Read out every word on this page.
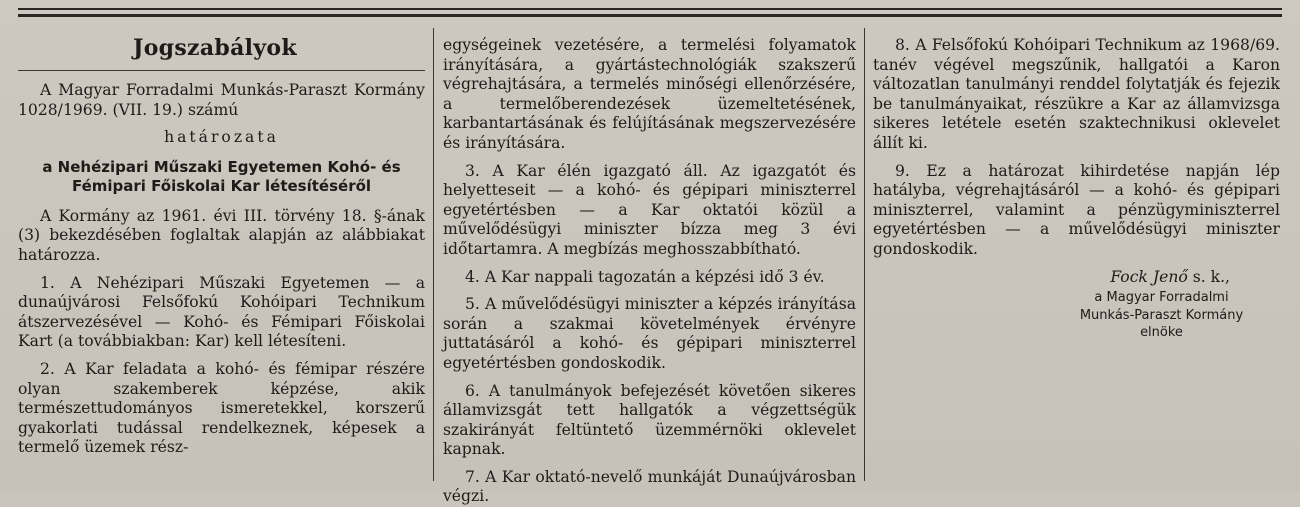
Jogszabályok

A Magyar Forradalmi Munkás-Paraszt Kormány 1028/1969. (VII. 19.) számú

határozata

a Nehézipari Műszaki Egyetemen Kohó- és Fémipari Főiskolai Kar létesítéséről

A Kormány az 1961. évi III. törvény 18. §-ának (3) bekezdésében foglaltak alapján az alábbiakat határozza.

1. A Nehézipari Műszaki Egyetemen — a dunaújvárosi Felsőfokú Kohóipari Technikum átszervezésével — Kohó- és Fémipari Főiskolai Kart (a továbbiakban: Kar) kell létesíteni.

2. A Kar feladata a kohó- és fémipar részére olyan szakemberek képzése, akik természettudományos ismeretekkel, korszerű gyakorlati tudással rendelkeznek, képesek a termelő üzemek rész-

egységeinek vezetésére, a termelési folyamatok irányítására, a gyártástechnológiák szakszerű végrehajtására, a termelés minőségi ellenőrzésére, a termelőberendezések üzemeltetésének, karbantartásának és felújításának megszervezésére és irányítására.

3. A Kar élén igazgató áll. Az igazgatót és helyetteseit — a kohó- és gépipari miniszterrel egyetértésben — a Kar oktatói közül a művelődésügyi miniszter bízza meg 3 évi időtartamra. A megbízás meghosszabbítható.

4. A Kar nappali tagozatán a képzési idő 3 év.

5. A művelődésügyi miniszter a képzés irányítása során a szakmai követelmények érvényre juttatásáról a kohó- és gépipari miniszterrel egyetértésben gondoskodik.

6. A tanulmányok befejezését követően sikeres államvizsgát tett hallgatók a végzettségük szakirányát feltüntető üzemmérnöki oklevelet kapnak.

7. A Kar oktató-nevelő munkáját Dunaújvárosban végzi.

8. A Felsőfokú Kohóipari Technikum az 1968/69. tanév végével megszűnik, hallgatói a Karon változatlan tanulmányi renddel folytatják és fejezik be tanulmányaikat, részükre a Kar az államvizsga sikeres letétele esetén szaktechnikusi oklevelet állít ki.

9. Ez a határozat kihirdetése napján lép hatályba, végrehajtásáról — a kohó- és gépipari miniszterrel, valamint a pénzügyminiszterrel egyetértésben — a művelődésügyi miniszter gondoskodik.

Fock Jenő s. k.,

a Magyar Forradalmi
Munkás-Paraszt Kormány
elnöke
